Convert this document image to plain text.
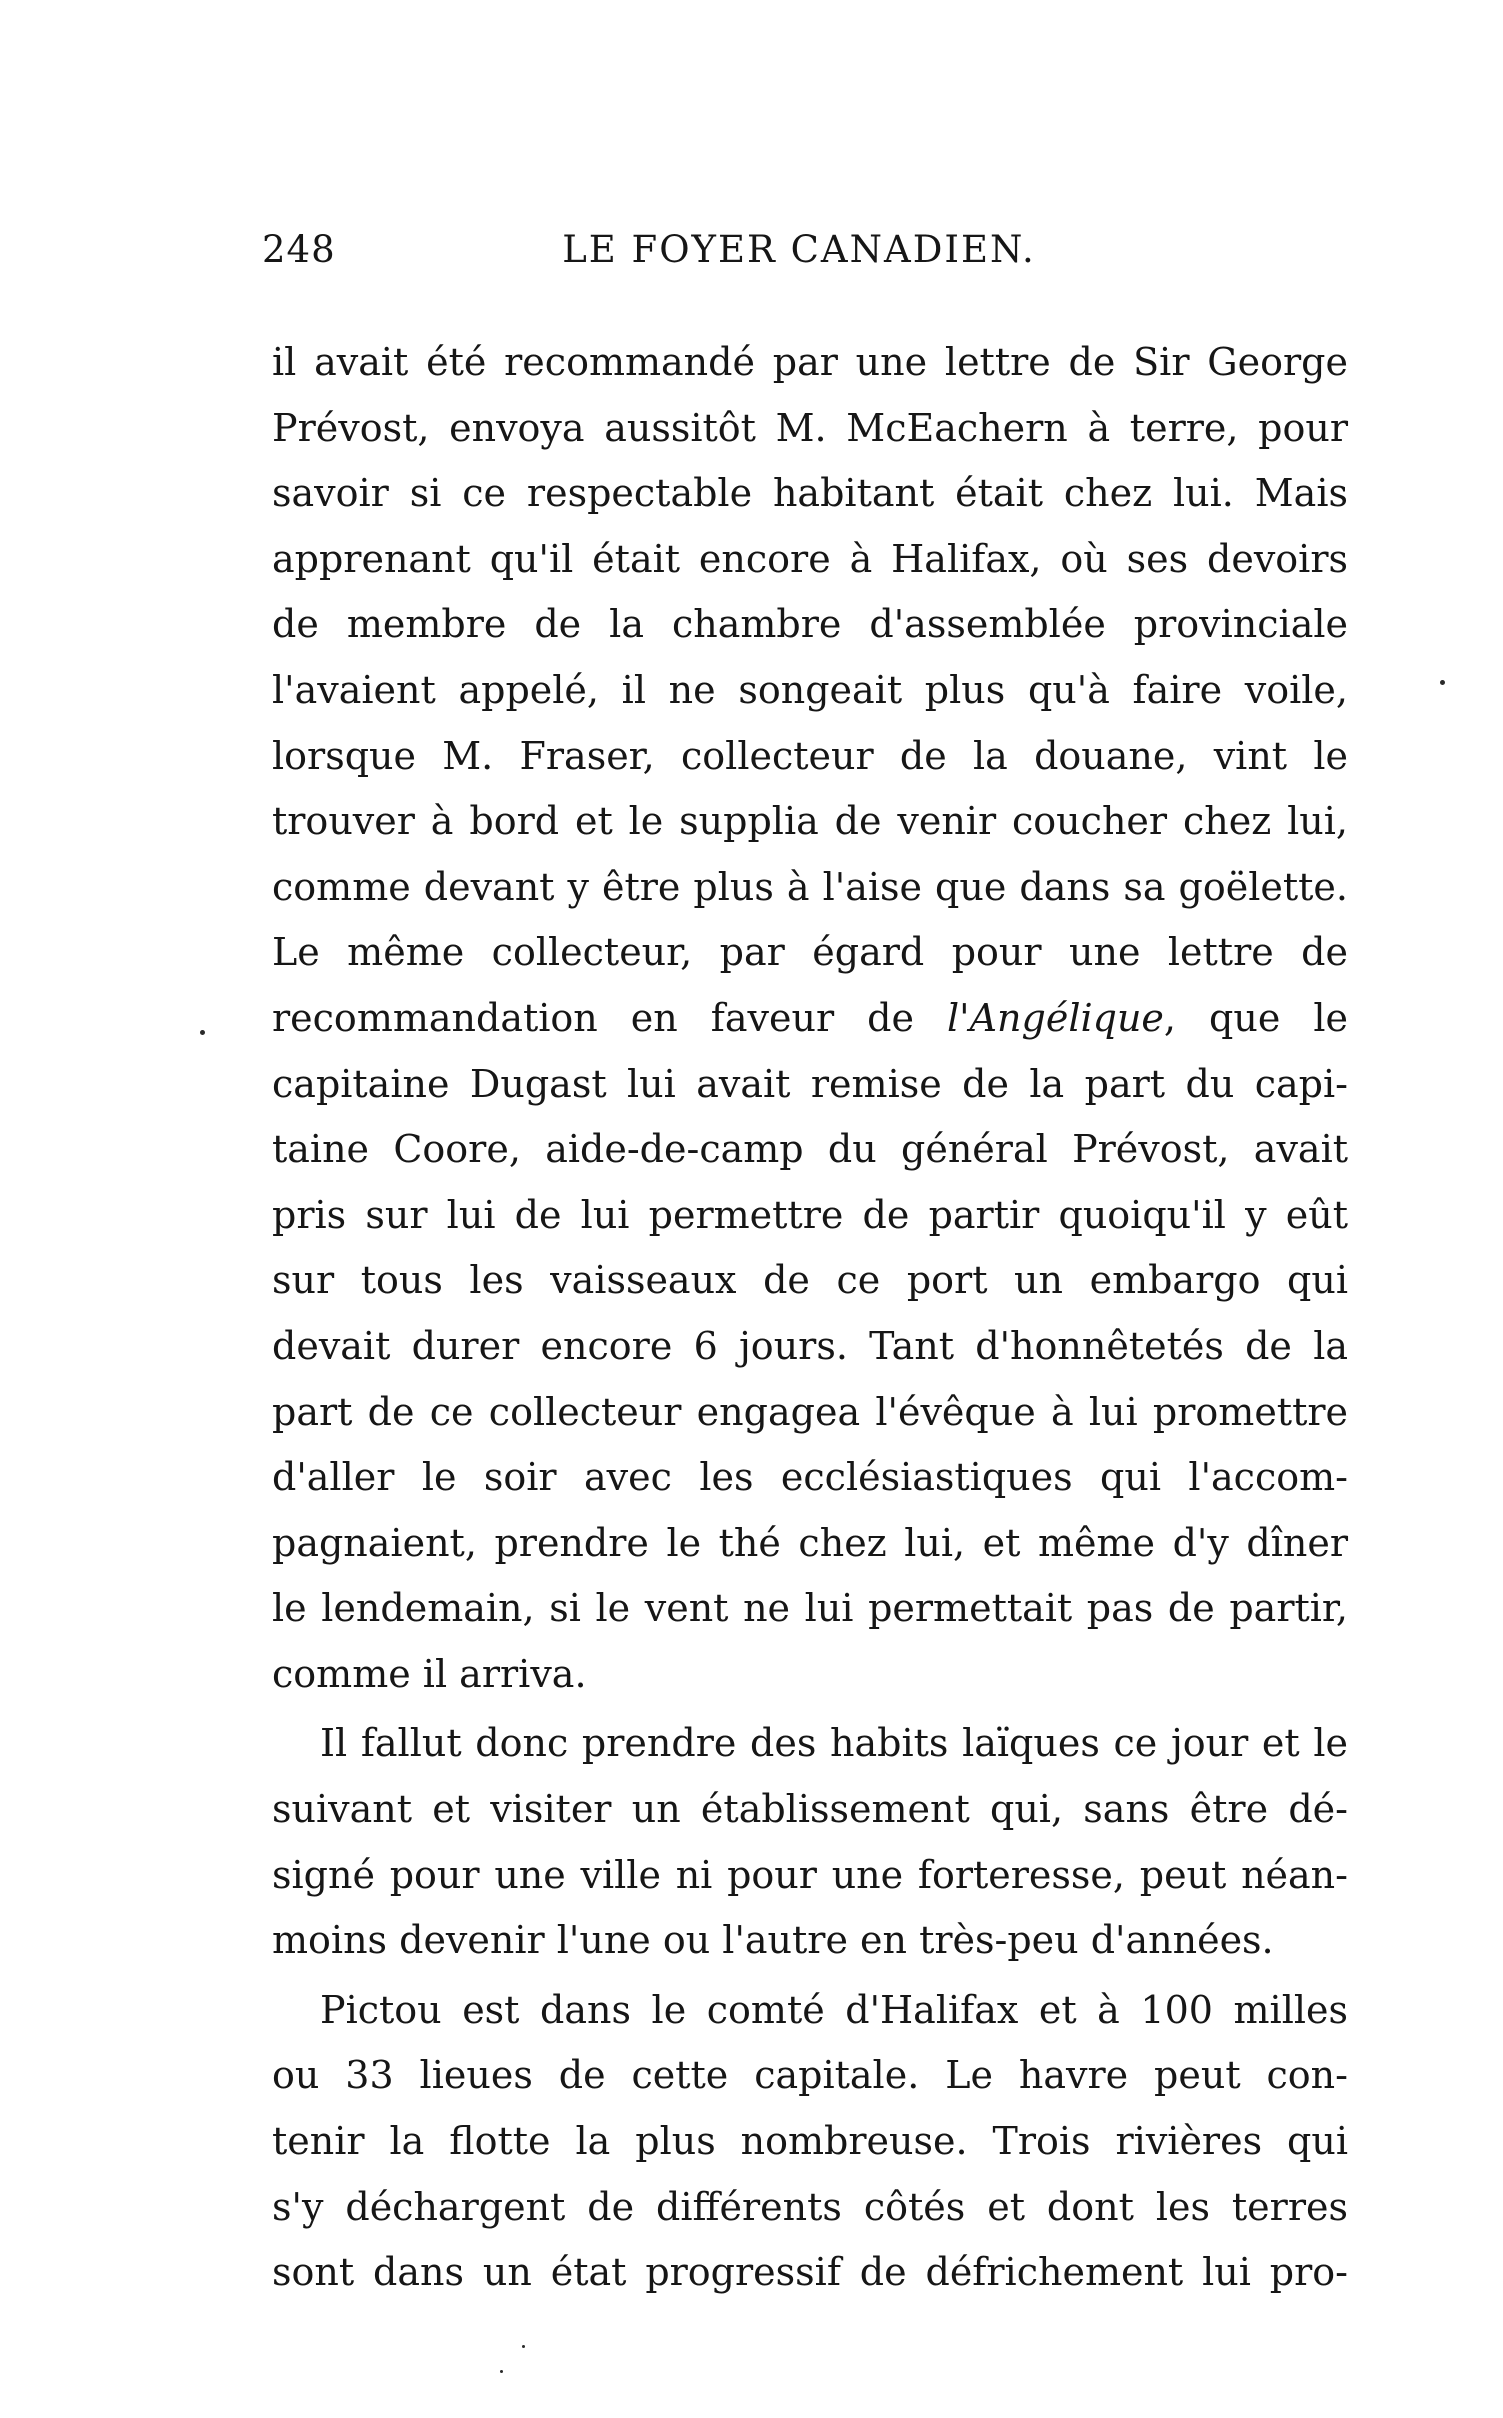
248	LE FOYER CANADIEN.
il avait été recommandé par une lettre de Sir George
Prévost, envoya aussitôt M. McEachern à terre, pour
savoir si ce respectable habitant était chez lui. Mais
apprenant qu'il était encore à Halifax, où ses devoirs
de membre de la chambre d'assemblée provinciale
l'avaient appelé, il ne songeait plus qu'à faire voile,
lorsque M. Fraser, collecteur de la douane, vint le
trouver à bord et le supplia de venir coucher chez lui,
comme devant y être plus à l'aise que dans sa goëlette.
Le même collecteur, par égard pour une lettre de
recommandation en faveur de l'Angélique, que le
capitaine Dugast lui avait remise de la part du capi-
taine Coore, aide-de-camp du général Prévost, avait
pris sur lui de lui permettre de partir quoiqu'il y eût
sur tous les vaisseaux de ce port un embargo qui
devait durer encore 6 jours. Tant d'honnêtetés de la
part de ce collecteur engagea l'évêque à lui promettre
d'aller le soir avec les ecclésiastiques qui l'accom-
pagnaient, prendre le thé chez lui, et même d'y dîner
le lendemain, si le vent ne lui permettait pas de partir,
comme il arriva.
Il fallut donc prendre des habits laïques ce jour et le
suivant et visiter un établissement qui, sans être dé-
signé pour une ville ni pour une forteresse, peut néan-
moins devenir l'une ou l'autre en très-peu d'années.
Pictou est dans le comté d'Halifax et à 100 milles
ou 33 lieues de cette capitale. Le havre peut con-
tenir la flotte la plus nombreuse. Trois rivières qui
s'y déchargent de différents côtés et dont les terres
sont dans un état progressif de défrichement lui pro-
